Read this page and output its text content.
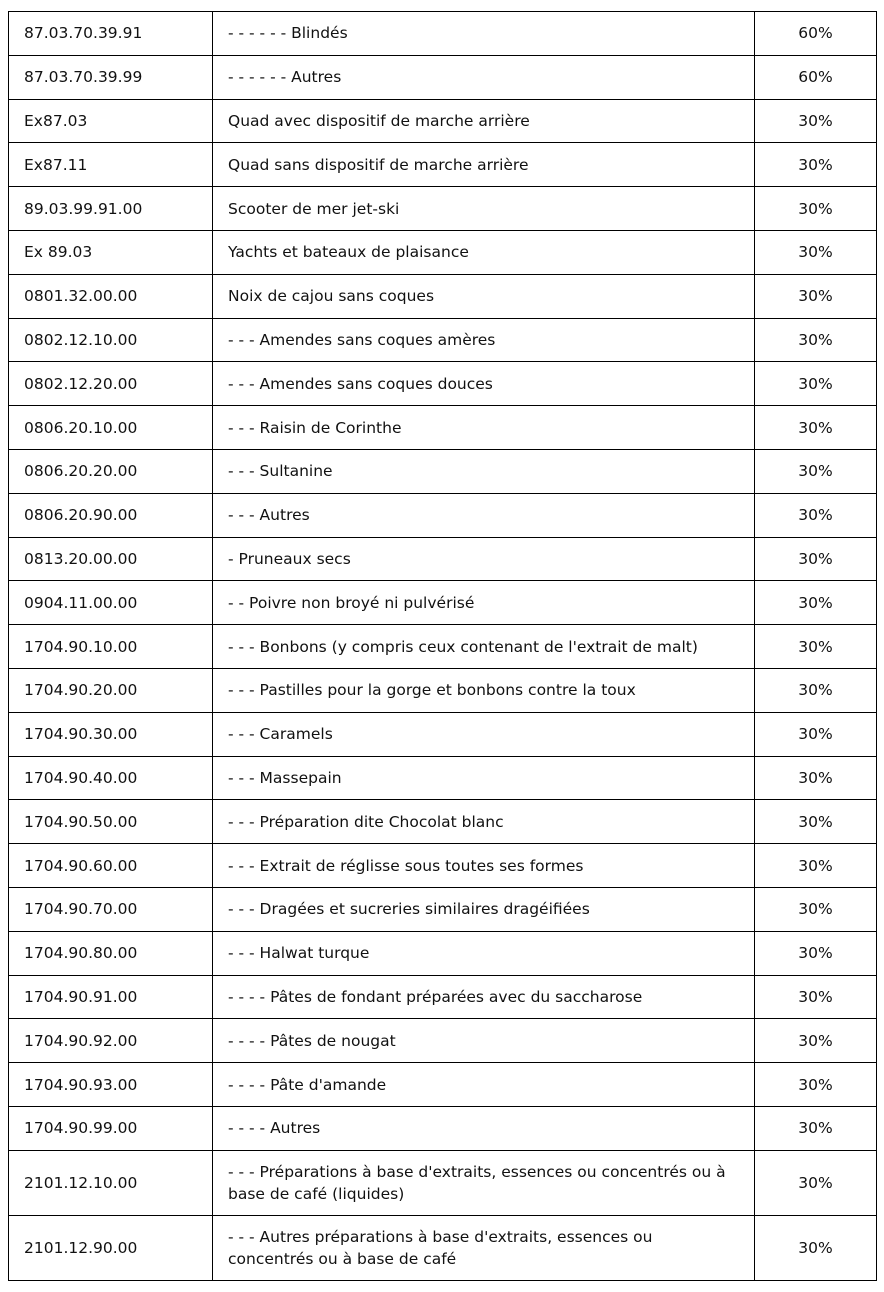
87.03.70.39.91	- - - - - - Blindés	60%
87.03.70.39.99	- - - - - - Autres	60%
Ex87.03	Quad avec dispositif de marche arrière	30%
Ex87.11	Quad sans dispositif de marche arrière	30%
89.03.99.91.00	Scooter de mer jet-ski	30%
Ex 89.03	Yachts et bateaux de plaisance	30%
0801.32.00.00	Noix de cajou sans coques	30%
0802.12.10.00	- - - Amendes sans coques amères	30%
0802.12.20.00	- - - Amendes sans coques douces	30%
0806.20.10.00	- - - Raisin de Corinthe	30%
0806.20.20.00	- - - Sultanine	30%
0806.20.90.00	- - - Autres	30%
0813.20.00.00	- Pruneaux secs	30%
0904.11.00.00	- - Poivre non broyé ni pulvérisé	30%
1704.90.10.00	- - - Bonbons (y compris ceux contenant de l'extrait de malt)	30%
1704.90.20.00	- - - Pastilles pour la gorge et bonbons contre la toux	30%
1704.90.30.00	- - - Caramels	30%
1704.90.40.00	- - - Massepain	30%
1704.90.50.00	- - - Préparation dite Chocolat blanc	30%
1704.90.60.00	- - - Extrait de réglisse sous toutes ses formes	30%
1704.90.70.00	- - - Dragées et sucreries similaires dragéifiées	30%
1704.90.80.00	- - - Halwat turque	30%
1704.90.91.00	- - - - Pâtes de fondant préparées avec du saccharose	30%
1704.90.92.00	- - - - Pâtes de nougat	30%
1704.90.93.00	- - - - Pâte d'amande	30%
1704.90.99.00	- - - - Autres	30%
2101.12.10.00	- - - Préparations à base d'extraits, essences ou concentrés ou à base de café (liquides)	30%
2101.12.90.00	- - - Autres préparations à base d'extraits, essences ou concentrés ou à base de café	30%
